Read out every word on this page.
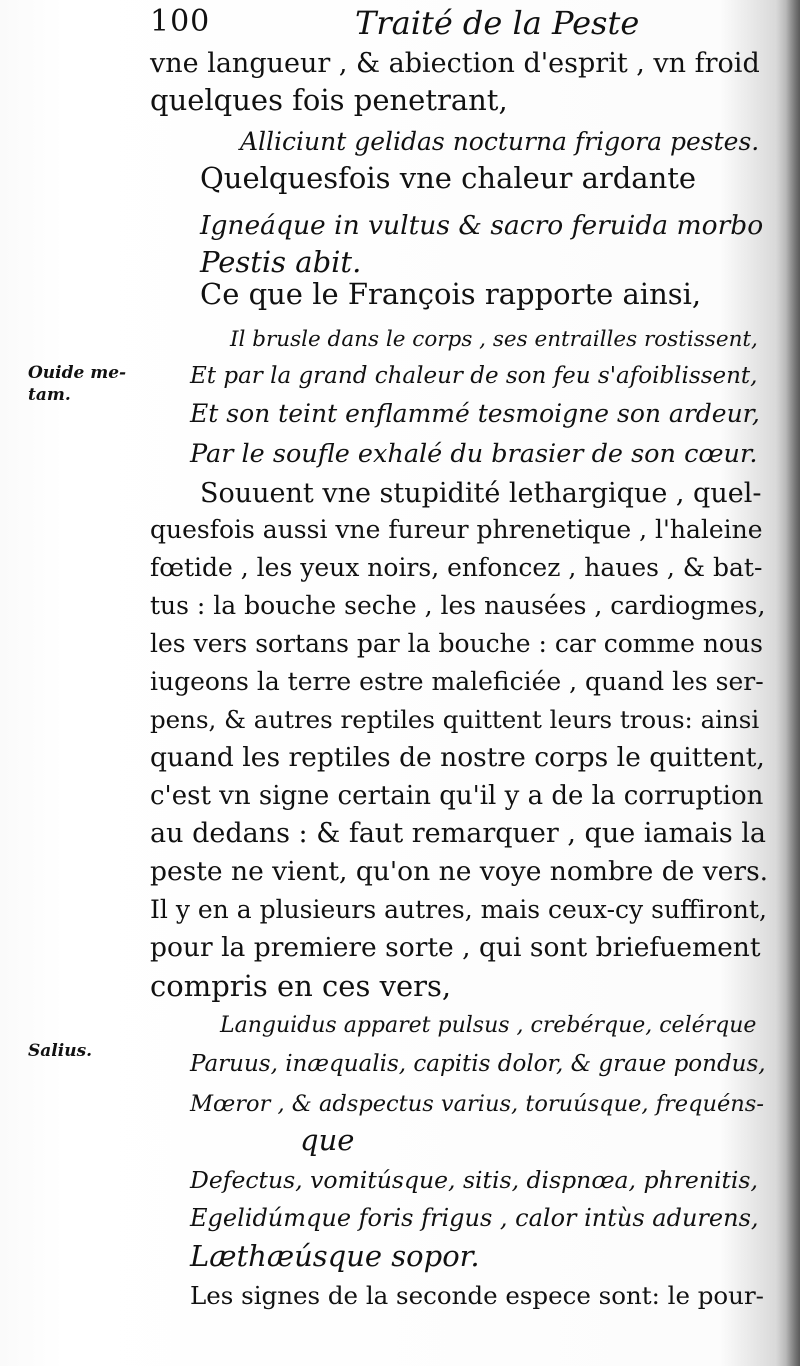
100	Traité de la Peste
Ouide me-
tam.
Salius.
vne langueur , & abiection d'esprit , vn froid
quelques fois penetrant,
Alliciunt gelidas nocturna frigora pestes.
Quelquesfois vne chaleur ardante
Igneáque in vultus & sacro feruida morbo
Pestis abit.
Ce que le François rapporte ainsi,
Il brusle dans le corps , ses entrailles rostissent,
Et par la grand chaleur de son feu s'afoiblissent,
Et son teint enflammé tesmoigne son ardeur,
Par le soufle exhalé du brasier de son cœur.
Souuent vne stupidité lethargique , quel-
quesfois aussi vne fureur phrenetique , l'haleine
fœtide , les yeux noirs, enfoncez , haues , & bat-
tus : la bouche seche , les nausées , cardiogmes,
les vers sortans par la bouche : car comme nous
iugeons la terre estre maleficiée , quand les ser-
pens, & autres reptiles quittent leurs trous: ainsi
quand les reptiles de nostre corps le quittent,
c'est vn signe certain qu'il y a de la corruption
au dedans : & faut remarquer , que iamais la
peste ne vient, qu'on ne voye nombre de vers.
Il y en a plusieurs autres, mais ceux-cy suffiront,
pour la premiere sorte , qui sont briefuement
compris en ces vers,
Languidus apparet pulsus , crebérque, celérque
Paruus, inæqualis, capitis dolor, & graue pondus,
Mœror , & adspectus varius, toruúsque, frequéns-
que
Defectus, vomitúsque, sitis, dispnœa, phrenitis,
Egelidúmque foris frigus , calor intùs adurens,
Læthæúsque sopor.
Les signes de la seconde espece sont: le pour-
